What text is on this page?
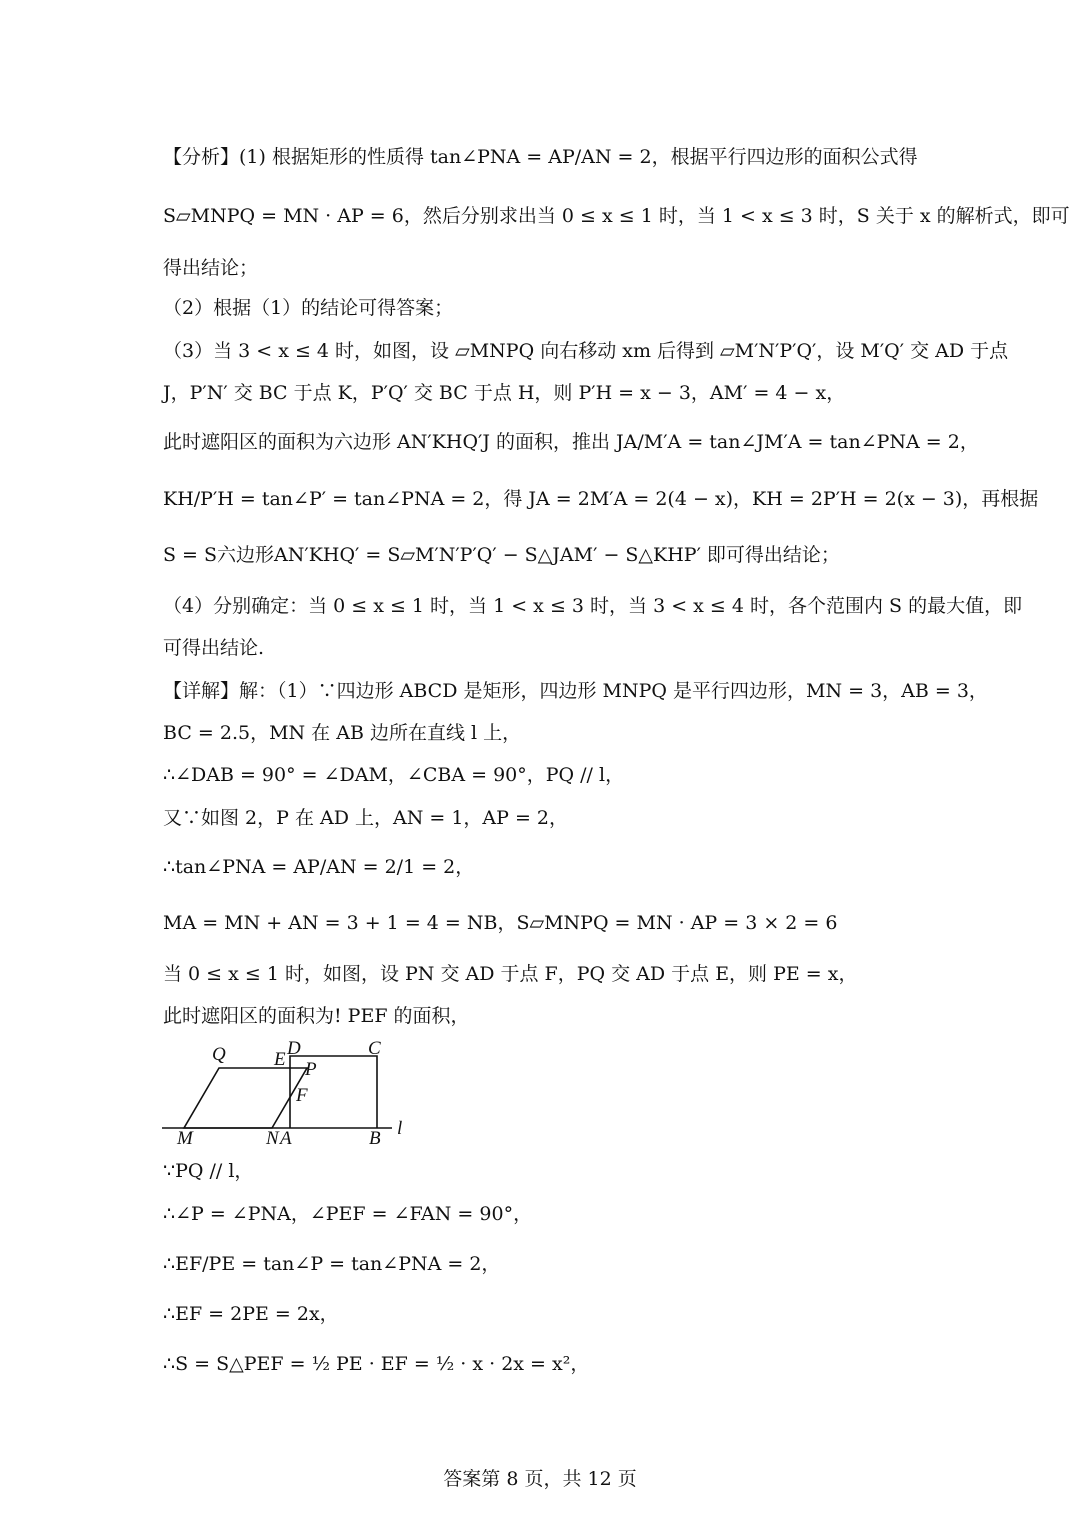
【分析】(1) 根据矩形的性质得 tan∠PNA = AP/AN = 2，根据平行四边形的面积公式得
S▱MNPQ = MN · AP = 6，然后分别求出当 0 ≤ x ≤ 1 时，当 1 < x ≤ 3 时，S 关于 x 的解析式，即可
得出结论；
（2）根据（1）的结论可得答案；
（3）当 3 < x ≤ 4 时，如图，设 ▱MNPQ 向右移动 xm 后得到 ▱M′N′P′Q′，设 M′Q′ 交 AD 于点
J，P′N′ 交 BC 于点 K，P′Q′ 交 BC 于点 H，则 P′H = x − 3，AM′ = 4 − x，
此时遮阳区的面积为六边形 AN′KHQ′J 的面积，推出 JA/M′A = tan∠JM′A = tan∠PNA = 2，
KH/P′H = tan∠P′ = tan∠PNA = 2，得 JA = 2M′A = 2(4 − x)，KH = 2P′H = 2(x − 3)，再根据
S = S六边形AN′KHQ′ = S▱M′N′P′Q′ − S△JAM′ − S△KHP′ 即可得出结论；
（4）分别确定：当 0 ≤ x ≤ 1 时，当 1 < x ≤ 3 时，当 3 < x ≤ 4 时，各个范围内 S 的最大值，即
可得出结论.
【详解】解：（1）∵四边形 ABCD 是矩形，四边形 MNPQ 是平行四边形，MN = 3，AB = 3，
BC = 2.5，MN 在 AB 边所在直线 l 上，
∴∠DAB = 90° = ∠DAM，∠CBA = 90°，PQ // l，
又∵如图 2，P 在 AD 上，AN = 1，AP = 2，
∴tan∠PNA = AP/AN = 2/1 = 2，
MA = MN + AN = 3 + 1 = 4 = NB，S▱MNPQ = MN · AP = 3 × 2 = 6
当 0 ≤ x ≤ 1 时，如图，设 PN 交 AD 于点 F，PQ 交 AD 于点 E，则 PE = x，
此时遮阳区的面积为! PEF 的面积，
Q	E
D	C
P
F
M	N A	B l
∵PQ // l，
∴∠P = ∠PNA，∠PEF = ∠FAN = 90°，
∴EF/PE = tan∠P = tan∠PNA = 2，
∴EF = 2PE = 2x，
∴S = S△PEF = ½ PE · EF = ½ · x · 2x = x²，
答案第 8 页，共 12 页
